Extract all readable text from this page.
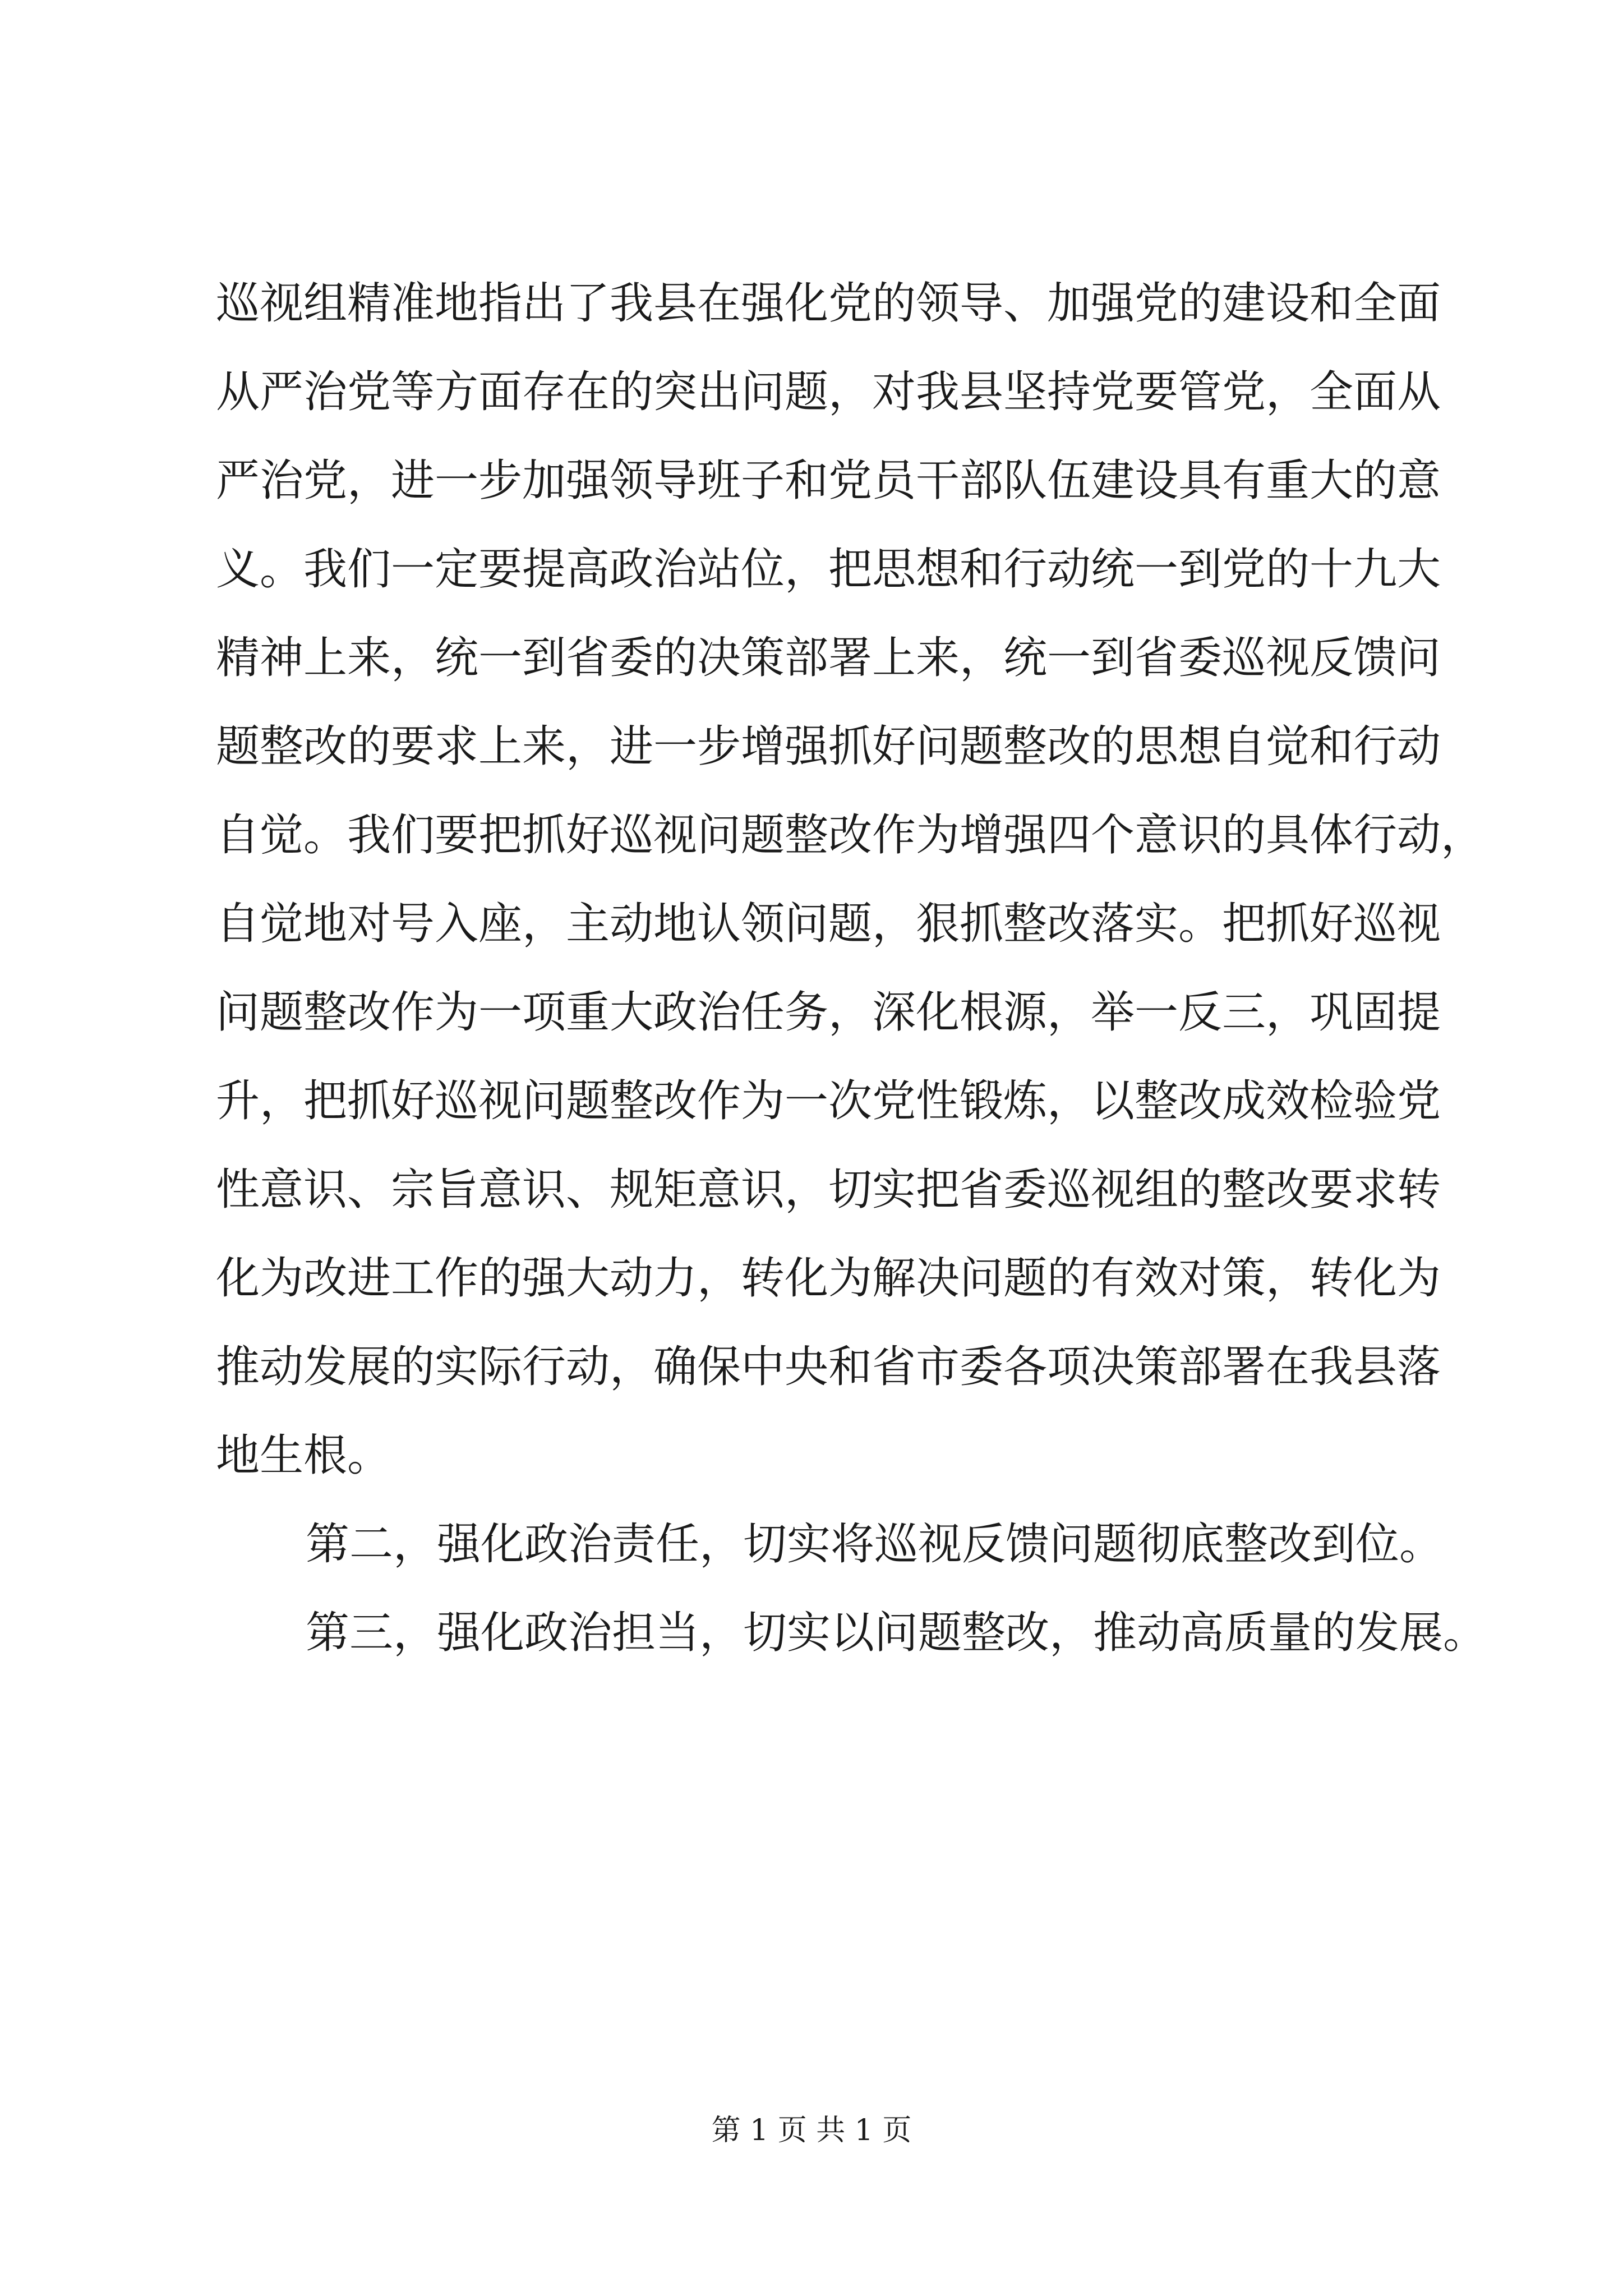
巡视组精准地指出了我县在强化党的领导、加强党的建设和全面
从严治党等方面存在的突出问题，对我县坚持党要管党，全面从
严治党，进一步加强领导班子和党员干部队伍建设具有重大的意
义。我们一定要提高政治站位，把思想和行动统一到党的十九大
精神上来，统一到省委的决策部署上来，统一到省委巡视反馈问
题整改的要求上来，进一步增强抓好问题整改的思想自觉和行动
自觉。我们要把抓好巡视问题整改作为增强四个意识的具体行动，
自觉地对号入座，主动地认领问题，狠抓整改落实。把抓好巡视
问题整改作为一项重大政治任务，深化根源，举一反三，巩固提
升，把抓好巡视问题整改作为一次党性锻炼，以整改成效检验党
性意识、宗旨意识、规矩意识，切实把省委巡视组的整改要求转
化为改进工作的强大动力，转化为解决问题的有效对策，转化为
推动发展的实际行动，确保中央和省市委各项决策部署在我县落
地生根。
第二，强化政治责任，切实将巡视反馈问题彻底整改到位。
第三，强化政治担当，切实以问题整改，推动高质量的发展。
第 1 页 共 1 页
